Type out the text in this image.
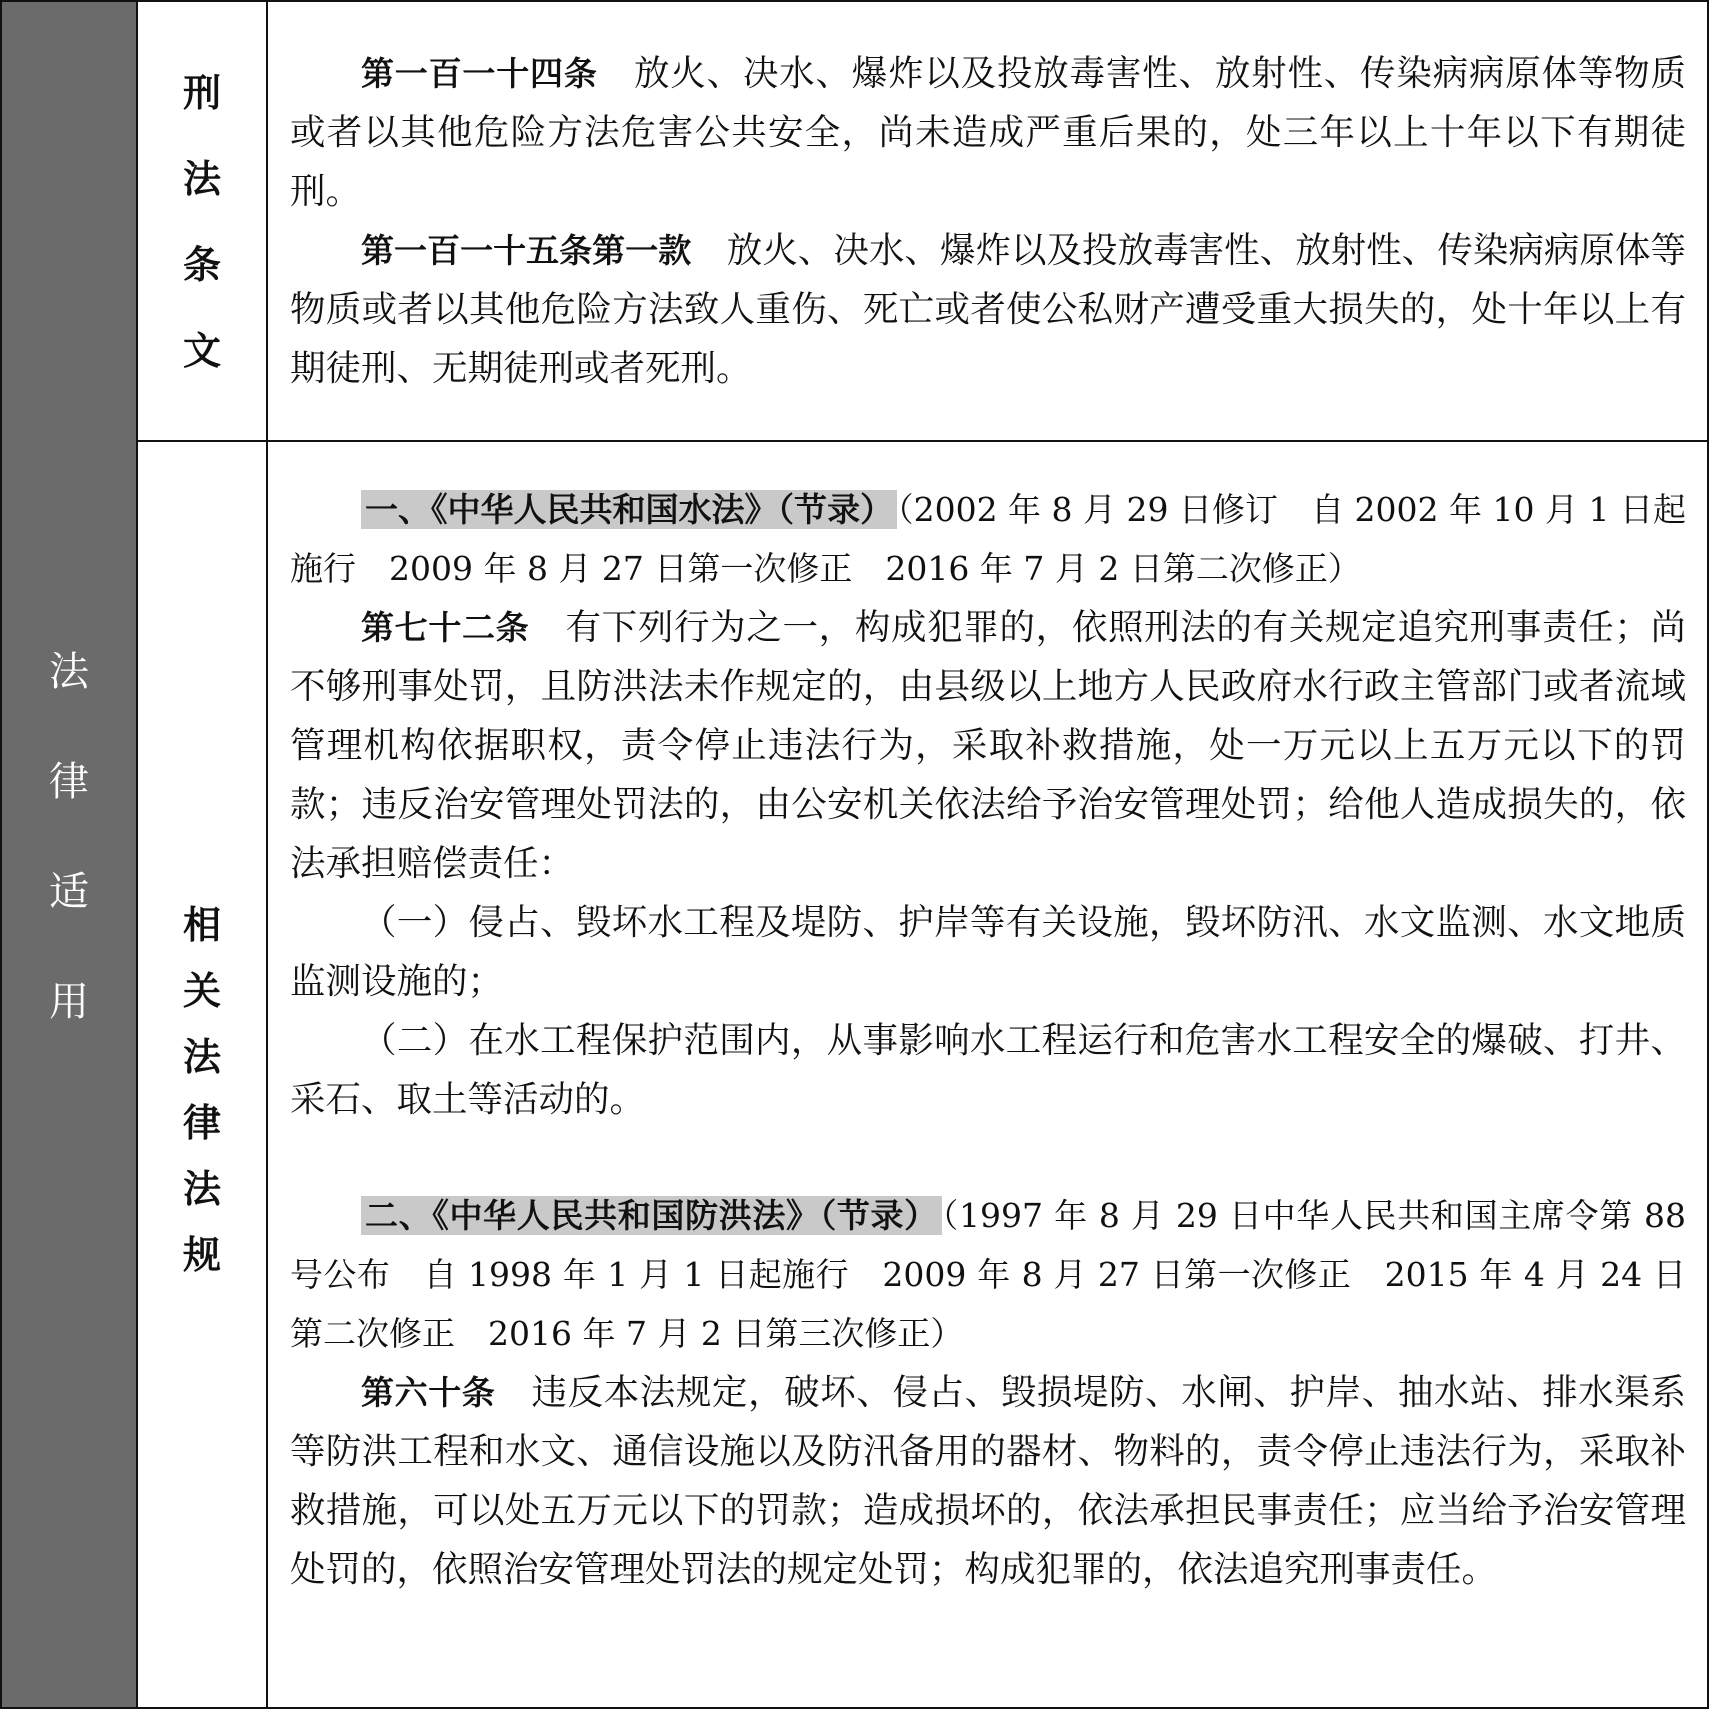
法
律
适
用
刑
法
条
文

第一百一十四条　 放火、决水、爆炸以及投放毒害性、放射性、传染病病原体等物质或者以其他危险方法危害公共安全，尚未造成严重后果的，处三年以上十年以下有期徒刑。

第一百一十五条第一款　 放火、决水、爆炸以及投放毒害性、放射性、传染病病原体等物质或者以其他危险方法致人重伤、死亡或者使公私财产遭受重大损失的，处十年以上有期徒刑、无期徒刑或者死刑。

相
关
法
律
法
规

一、《中华人民共和国水法》（节录） （2002 年 8 月 29 日修订　自 2002 年 10 月 1 日起施行　2009 年 8 月 27 日第一次修正　2016 年 7 月 2 日第二次修正）

第七十二条　 有下列行为之一，构成犯罪的，依照刑法的有关规定追究刑事责任；尚不够刑事处罚，且防洪法未作规定的，由县级以上地方人民政府水行政主管部门或者流域管理机构依据职权，责令停止违法行为，采取补救措施，处一万元以上五万元以下的罚款；违反治安管理处罚法的，由公安机关依法给予治安管理处罚；给他人造成损失的，依法承担赔偿责任：

（一）侵占、毁坏水工程及堤防、护岸等有关设施，毁坏防汛、水文监测、水文地质监测设施的；

（二）在水工程保护范围内，从事影响水工程运行和危害水工程安全的爆破、打井、采石、取土等活动的。

二、《中华人民共和国防洪法》（节录） （1997 年 8 月 29 日中华人民共和国主席令第 88 号公布　自 1998 年 1 月 1 日起施行　2009 年 8 月 27 日第一次修正　2015 年 4 月 24 日第二次修正　2016 年 7 月 2 日第三次修正）

第六十条　 违反本法规定，破坏、侵占、毁损堤防、水闸、护岸、抽水站、排水渠系等防洪工程和水文、通信设施以及防汛备用的器材、物料的，责令停止违法行为，采取补救措施，可以处五万元以下的罚款；造成损坏的，依法承担民事责任；应当给予治安管理处罚的，依照治安管理处罚法的规定处罚；构成犯罪的，依法追究刑事责任。
